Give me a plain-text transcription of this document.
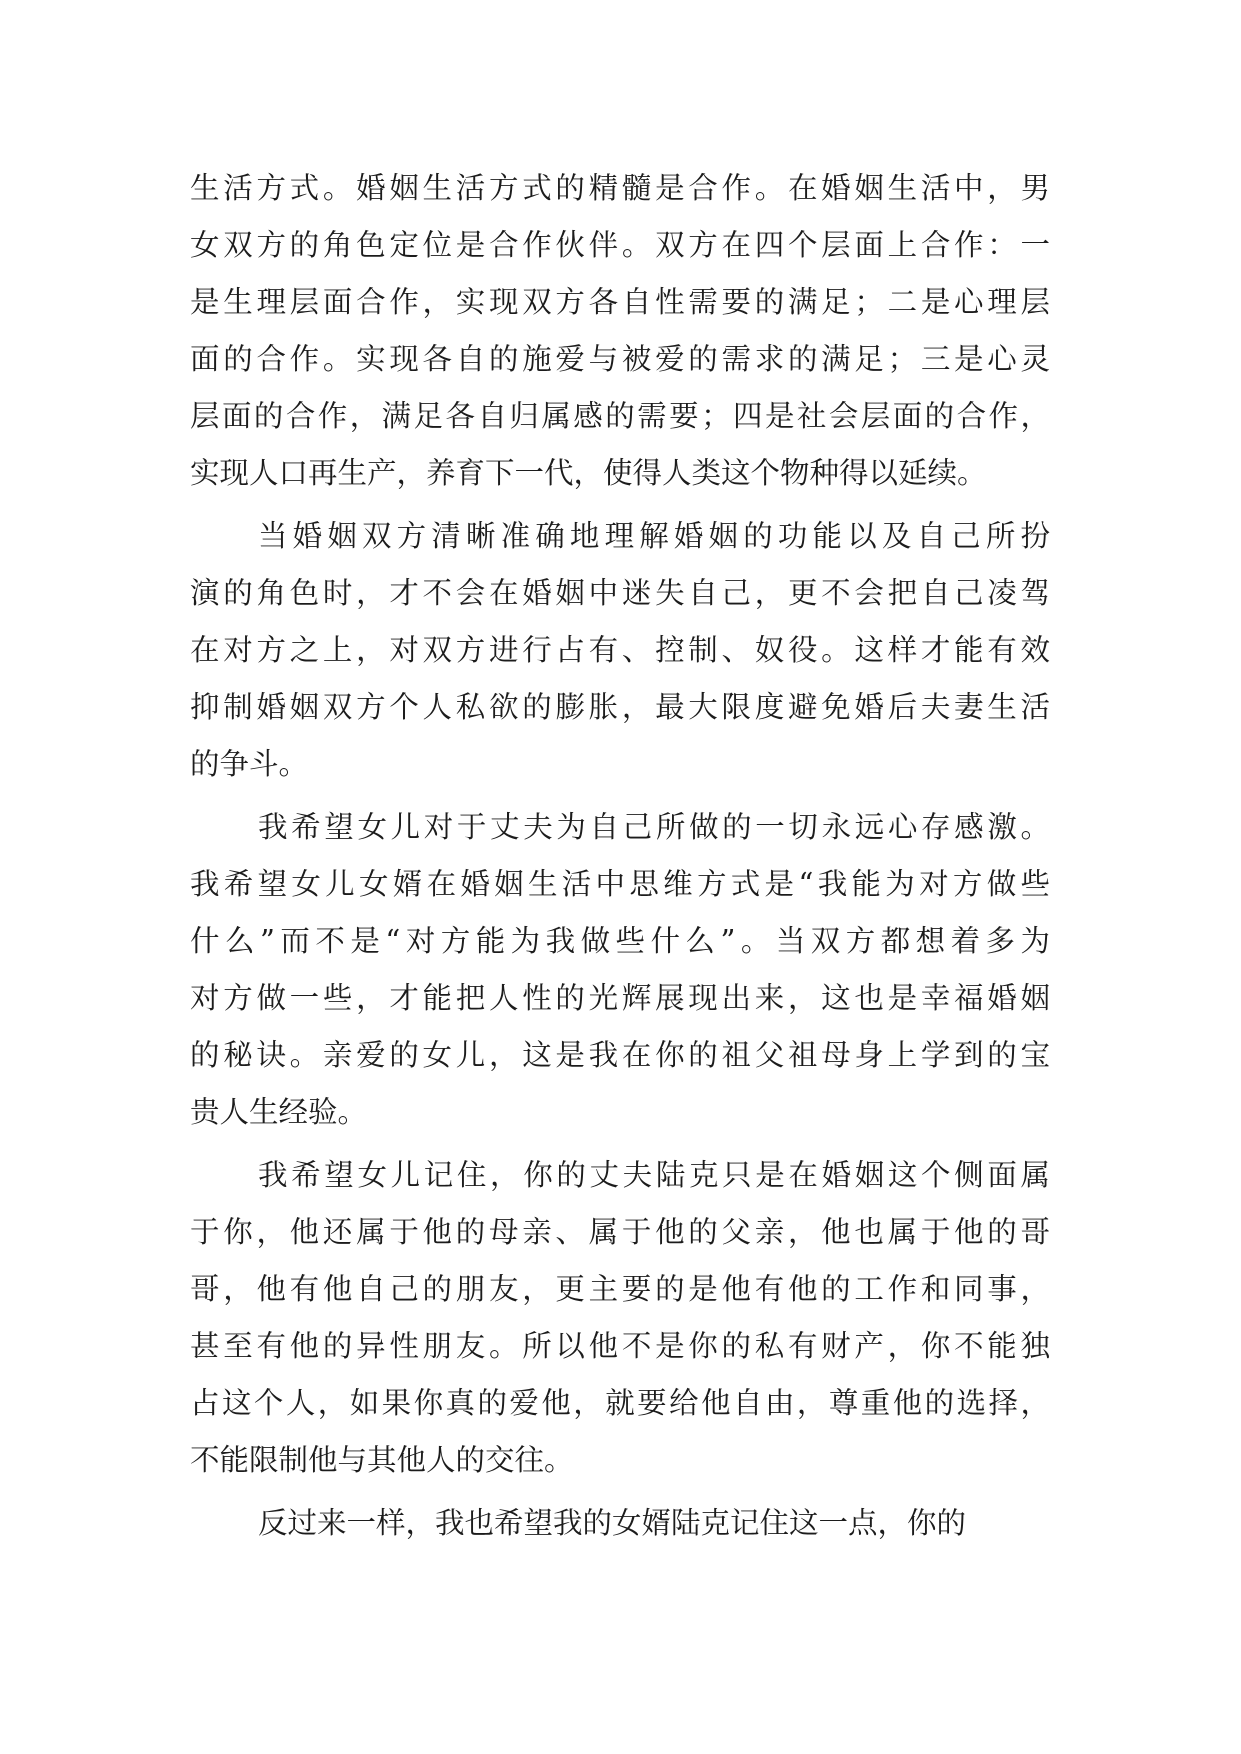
生活方式。婚姻生活方式的精髓是合作。在婚姻生活中，男
女双方的角色定位是合作伙伴。双方在四个层面上合作：一
是生理层面合作，实现双方各自性需要的满足；二是心理层
面的合作。实现各自的施爱与被爱的需求的满足；三是心灵
层面的合作，满足各自归属感的需要；四是社会层面的合作，
实现人口再生产，养育下一代，使得人类这个物种得以延续。
当婚姻双方清晰准确地理解婚姻的功能以及自己所扮
演的角色时，才不会在婚姻中迷失自己，更不会把自己凌驾
在对方之上，对双方进行占有、控制、奴役。这样才能有效
抑制婚姻双方个人私欲的膨胀，最大限度避免婚后夫妻生活
的争斗。
我希望女儿对于丈夫为自己所做的一切永远心存感激。
我希望女儿女婿在婚姻生活中思维方式是“我能为对方做些
什么”而不是“对方能为我做些什么”。当双方都想着多为
对方做一些，才能把人性的光辉展现出来，这也是幸福婚姻
的秘诀。亲爱的女儿，这是我在你的祖父祖母身上学到的宝
贵人生经验。
我希望女儿记住，你的丈夫陆克只是在婚姻这个侧面属
于你，他还属于他的母亲、属于他的父亲，他也属于他的哥
哥，他有他自己的朋友，更主要的是他有他的工作和同事，
甚至有他的异性朋友。所以他不是你的私有财产，你不能独
占这个人，如果你真的爱他，就要给他自由，尊重他的选择，
不能限制他与其他人的交往。
反过来一样，我也希望我的女婿陆克记住这一点，你的
